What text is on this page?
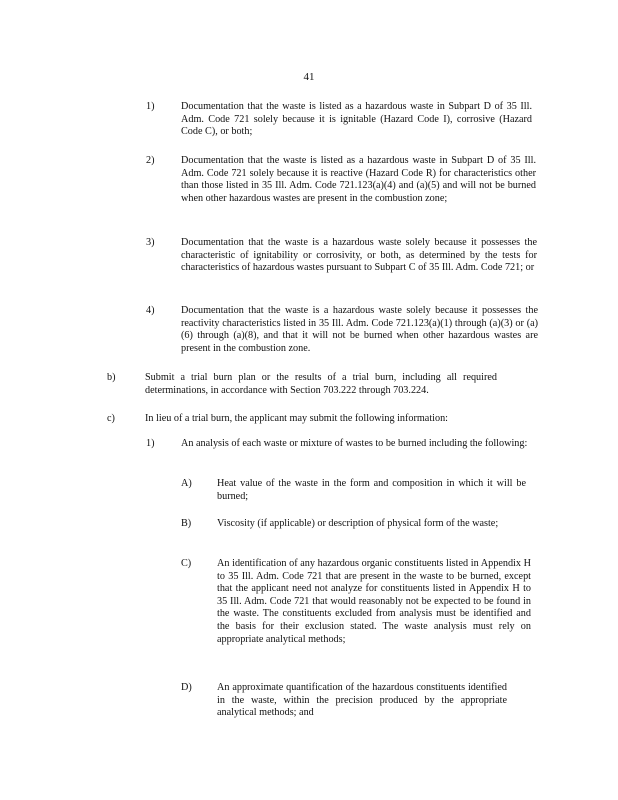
41
1)	Documentation that the waste is listed as a hazardous waste in Subpart D of 35 Ill. Adm. Code 721 solely because it is ignitable (Hazard Code I), corrosive (Hazard Code C), or both;
2)	Documentation that the waste is listed as a hazardous waste in Subpart D of 35 Ill. Adm. Code 721 solely because it is reactive (Hazard Code R) for characteristics other than those listed in 35 Ill. Adm. Code 721.123(a)(4) and (a)(5) and will not be burned when other hazardous wastes are present in the combustion zone;
3)	Documentation that the waste is a hazardous waste solely because it possesses the characteristic of ignitability or corrosivity, or both, as determined by the tests for characteristics of hazardous wastes pursuant to Subpart C of 35 Ill. Adm. Code 721; or
4)	Documentation that the waste is a hazardous waste solely because it possesses the reactivity characteristics listed in 35 Ill. Adm. Code 721.123(a)(1) through (a)(3) or (a)(6) through (a)(8), and that it will not be burned when other hazardous wastes are present in the combustion zone.
b)	Submit a trial burn plan or the results of a trial burn, including all required determinations, in accordance with Section 703.222 through 703.224.
c)	In lieu of a trial burn, the applicant may submit the following information:
1)	An analysis of each waste or mixture of wastes to be burned including the following:
A) Heat value of the waste in the form and composition in which it will be burned;
B)	Viscosity (if applicable) or description of physical form of the waste;
C)	An identification of any hazardous organic constituents listed in Appendix H to 35 Ill. Adm. Code 721 that are present in the waste to be burned, except that the applicant need not analyze for constituents listed in Appendix H to 35 Ill. Adm. Code 721 that would reasonably not be expected to be found in the waste. The constituents excluded from analysis must be identified and the basis for their exclusion stated. The waste analysis must rely on appropriate analytical methods;
D) An approximate quantification of the hazardous constituents identified in the waste, within the precision produced by the appropriate analytical methods; and
